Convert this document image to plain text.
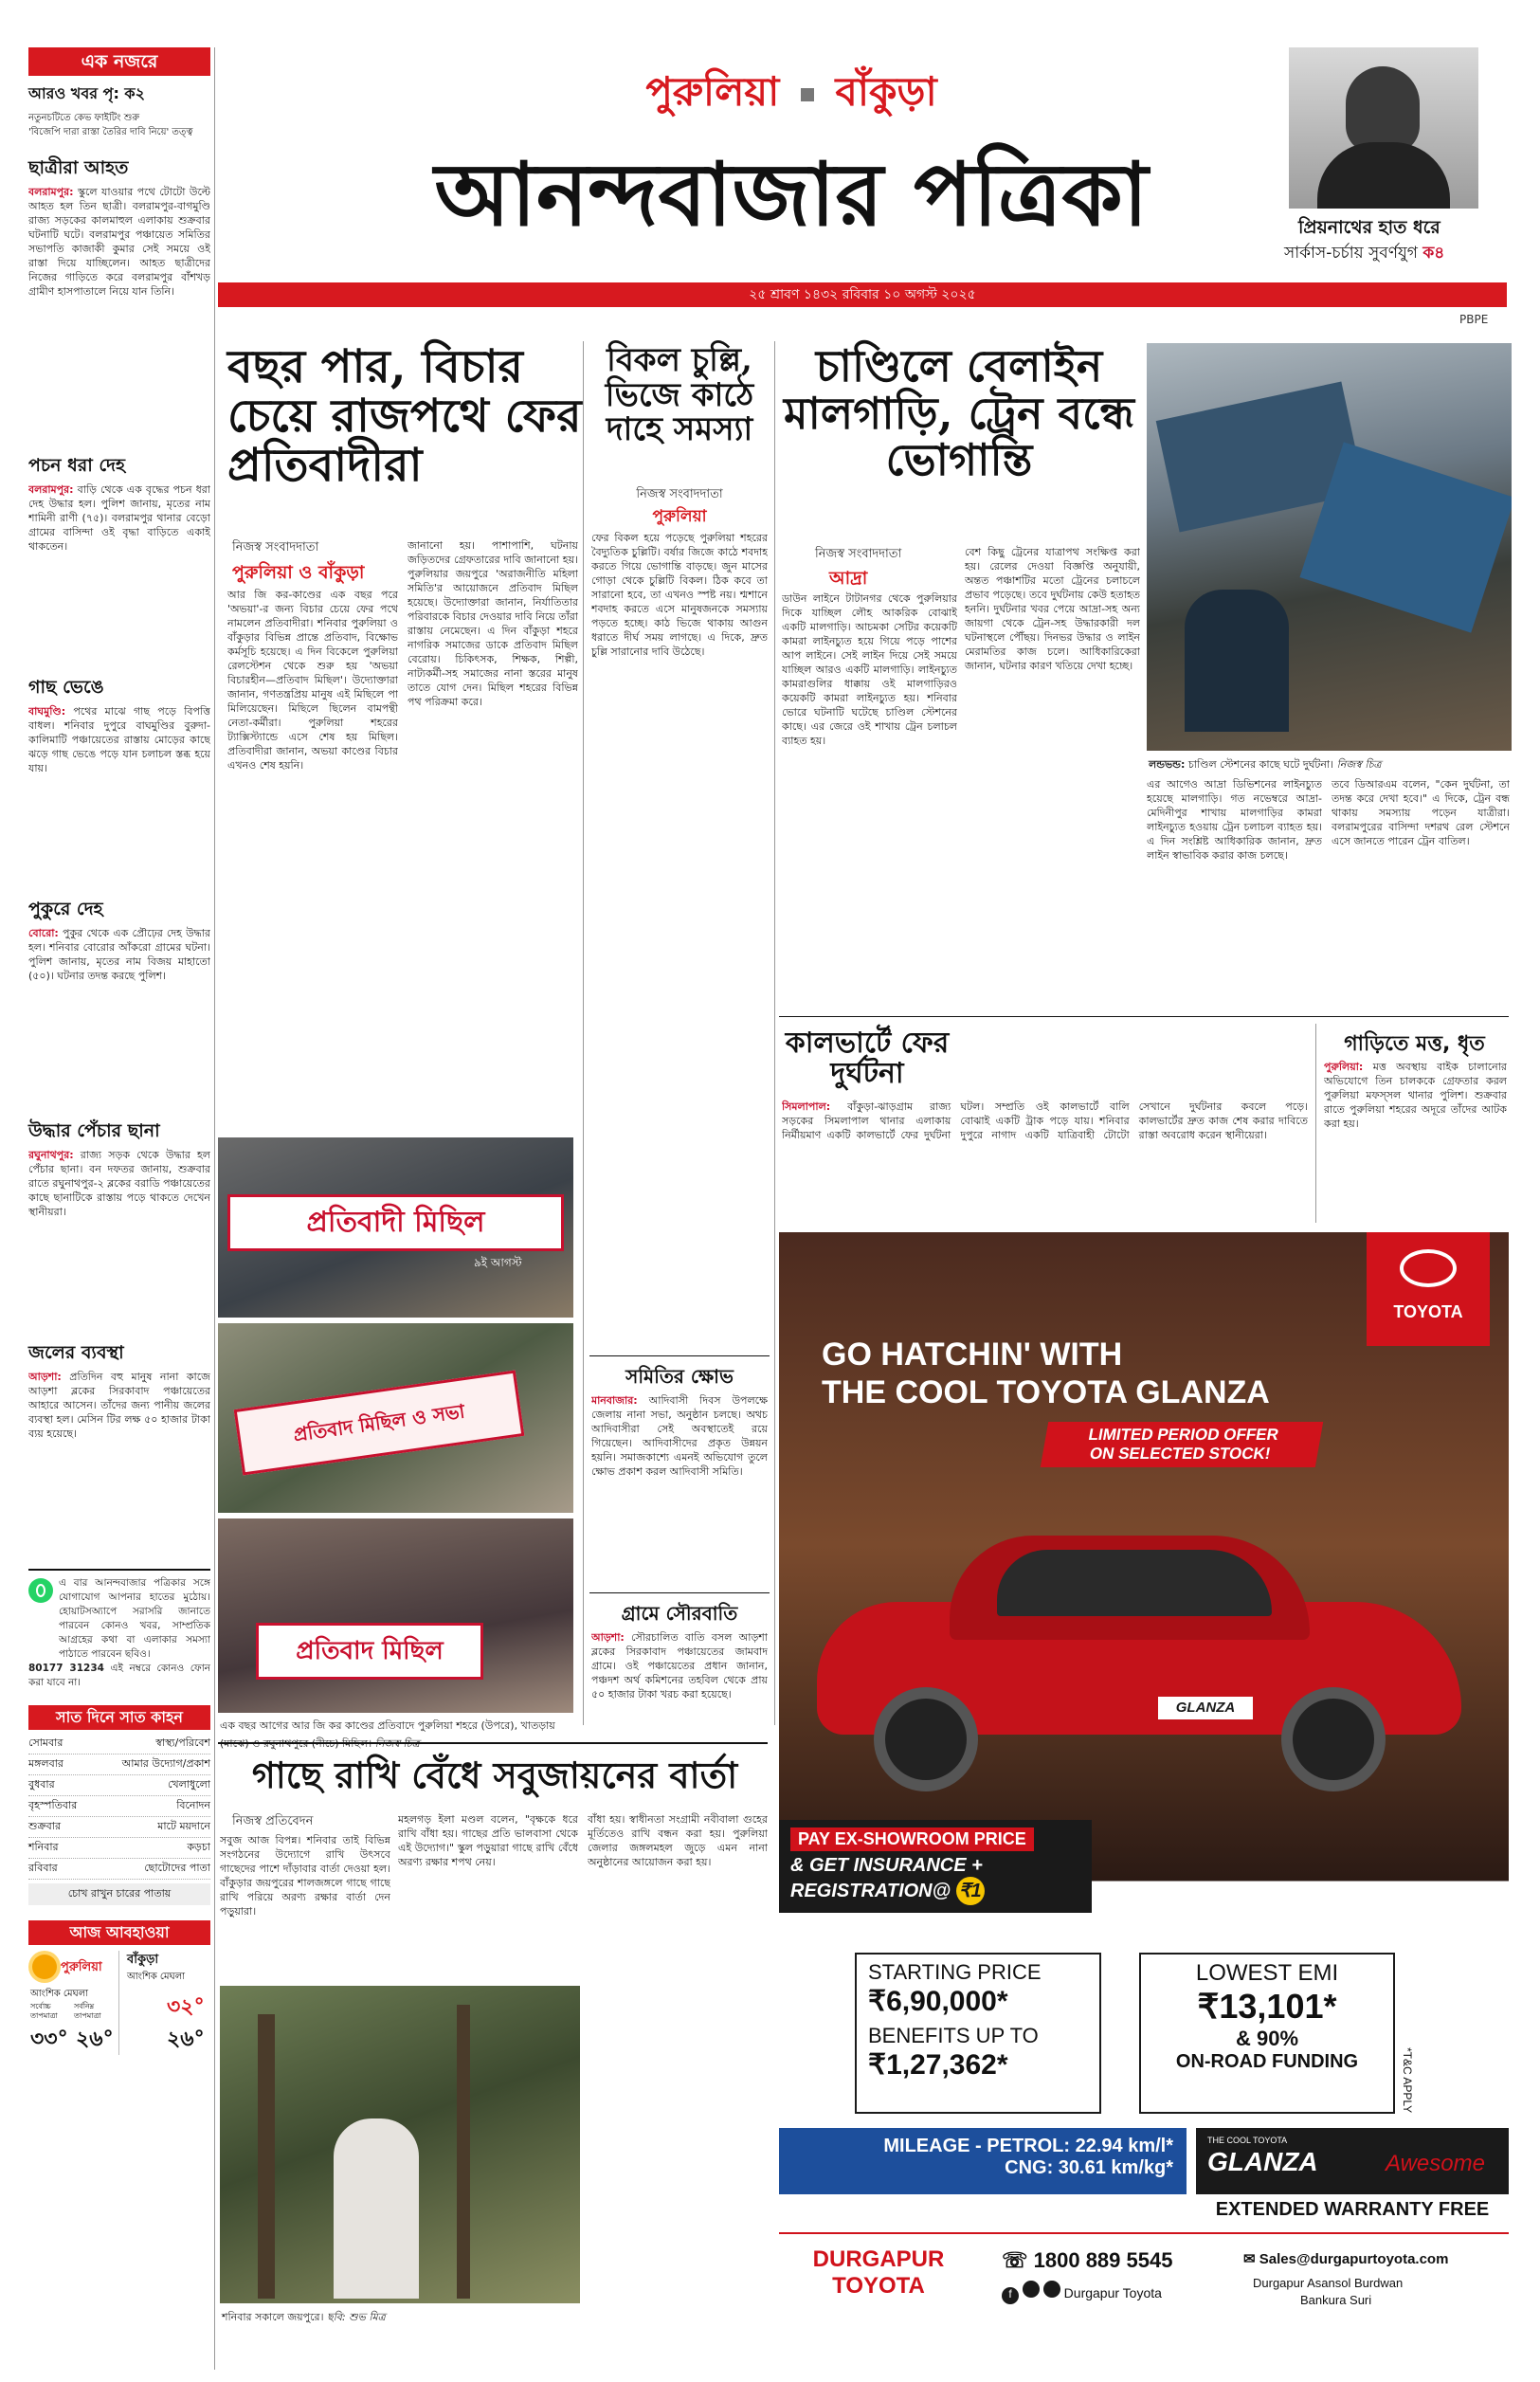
পুরুলিয়া বাঁকুড়া
আনন্দবাজার পত্রিকা	প্রিয়নাথের হাত ধরে
সার্কাস-চর্চায় সুবর্ণযুগ ক৪
২৫ শ্রাবণ ১৪৩২ রবিবার ১০ অগস্ট ২০২৫
PBPE
এক নজরে
আরও খবর পৃ: ক২
নতুনচটিতে কেভ ফাইটিং শুরু
'বিজেপি দারা রাস্তা তৈরির দাবি নিয়ে' তত্ত্ব
ছাত্রীরা আহত
বলরামপুর: স্কুলে যাওয়ার পথে টোটো উল্টে আহত হল তিন ছাত্রী। বলরামপুর-বাগমুণ্ডি রাজ্য সড়কের কালমাহুল এলাকায় শুক্রবার ঘটনাটি ঘটে। বলরামপুর পঞ্চায়েত সমিতির সভাপতি কাজাকী কুমার সেই সময়ে ওই রাস্তা দিয়ে যাচ্ছিলেন। আহত ছাত্রীদের নিজের গাড়িতে করে বলরামপুর বাঁশখড় গ্রামীণ হাসপাতালে নিয়ে যান তিনি।
পচন ধরা দেহ
বলরামপুর: বাড়ি থেকে এক বৃদ্ধের পচন ধরা দেহ উদ্ধার হল। পুলিশ জানায়, মৃতের নাম শামিনী রাণী (৭৫)। বলরামপুর থানার বেড়ো গ্রামের বাসিন্দা ওই বৃদ্ধা বাড়িতে একাই থাকতেন।
গাছ ভেঙে
বাঘমুণ্ডি: পথের মাঝে গাছ পড়ে বিপত্তি বাধল। শনিবার দুপুরে বাঘমুণ্ডির বুরুদা-কালিমাটি পঞ্চায়েতের রাস্তায় মোড়ের কাছে ঝড়ে গাছ ভেঙে পড়ে যান চলাচল স্তব্ধ হয়ে যায়।
পুকুরে দেহ
বোরো: পুকুর থেকে এক প্রৌঢ়ের দেহ উদ্ধার হল। শনিবার বোরোর আঁকরো গ্রামের ঘটনা। পুলিশ জানায়, মৃতের নাম বিজয় মাহাতো (৫০)। ঘটনার তদন্ত করছে পুলিশ।
উদ্ধার পেঁচার ছানা
রঘুনাথপুর: রাজ্য সড়ক থেকে উদ্ধার হল পেঁচার ছানা। বন দফতর জানায়, শুক্রবার রাতে রঘুনাথপুর-২ ব্লকের বরাডি পঞ্চায়েতের কাছে ছানাটিকে রাস্তায় পড়ে থাকতে দেখেন স্থানীয়রা।
জলের ব্যবস্থা
আড়শা: প্রতিদিন বহু মানুষ নানা কাজে আড়শা ব্লকের সিরকাবাদ পঞ্চায়েতের আহারে আসেন। তাঁদের জন্য পানীয় জলের ব্যবস্থা হল। মেসিন টির লক্ষ ৫০ হাজার টাকা ব্যয় হয়েছে।
এ বার আনন্দবাজার পত্রিকার সঙ্গে যোগাযোগ আপনার হাতের মুঠোয়। হোয়াটসঅ্যাপে সরাসরি জানাতে পারবেন কোনও খবর, সাম্প্রতিক আগ্রহের কথা বা এলাকার সমস্যা পাঠাতে পারবেন ছবিও।
80177 31234 এই নম্বরে কোনও ফোন করা যাবে না।
সাত দিনে সাত কাহন
সোমবার	স্বাস্থ্য/পরিবেশ
মঙ্গলবার	আমার উদ্যোগ/প্রকাশ
বুধবার	খেলাধুলো
বৃহস্পতিবার	বিনোদন
শুক্রবার	মাটে ময়দানে
শনিবার	কড়চা
রবিবার	ছোটোদের পাতা
চোখ রাখুন চারের পাতায়
আজ আবহাওয়া
পুরুলিয়া
আংশিক মেঘলা
সর্বোচ্চ তাপমাত্রা
সর্বনিম্ন তাপমাত্রা
৩৩° ২৬°
বাঁকুড়া
আংশিক মেঘলা
৩২°
২৬°
বছর পার, বিচার চেয়ে রাজপথে ফের প্রতিবাদীরা
নিজস্ব সংবাদদাতা
পুরুলিয়া ও বাঁকুড়া
আর জি কর-কাণ্ডের এক বছর পরে 'অভয়া'-র জন্য বিচার চেয়ে ফের পথে নামলেন প্রতিবাদীরা। শনিবার পুরুলিয়া ও বাঁকুড়ার বিভিন্ন প্রান্তে প্রতিবাদ, বিক্ষোভ কর্মসূচি হয়েছে। এ দিন বিকেলে পুরুলিয়া রেলস্টেশন থেকে শুরু হয় 'অভয়া বিচারহীন—প্রতিবাদ মিছিল'। উদ্যোক্তারা জানান, গণতন্ত্রপ্রিয় মানুষ এই মিছিলে পা মিলিয়েছেন। মিছিলে ছিলেন বামপন্থী নেতা-কর্মীরা। পুরুলিয়া শহরের ট্যাক্সিস্ট্যান্ডে এসে শেষ হয় মিছিল। প্রতিবাদীরা জানান, অভয়া কাণ্ডের বিচার এখনও শেষ হয়নি।
জানানো হয়। পাশাপাশি, ঘটনায় জড়িতদের গ্রেফতারের দাবি জানানো হয়। পুরুলিয়ার জয়পুরে 'অরাজনীতি মহিলা সমিতি'র আয়োজনে প্রতিবাদ মিছিল হয়েছে। উদ্যোক্তারা জানান, নির্যাতিতার পরিবারকে বিচার দেওয়ার দাবি নিয়ে তাঁরা রাস্তায় নেমেছেন। এ দিন বাঁকুড়া শহরে নাগরিক সমাজের ডাকে প্রতিবাদ মিছিল বেরোয়। চিকিৎসক, শিক্ষক, শিল্পী, নাট্যকর্মী-সহ সমাজের নানা স্তরের মানুষ তাতে যোগ দেন। মিছিল শহরের বিভিন্ন পথ পরিক্রমা করে।
প্রতিবাদী মিছিল
৯ই আগস্ট
প্রতিবাদ মিছিল ও সভা
প্রতিবাদ মিছিল
এক বছর আগের আর জি কর কাণ্ডের প্রতিবাদে পুরুলিয়া শহরে (উপরে), খাতড়ায়
বিকল চুল্লি, ভিজে কাঠে দাহে সমস্যা
নিজস্ব সংবাদদাতা
পুরুলিয়া
ফের বিকল হয়ে পড়েছে পুরুলিয়া শহরের বৈদ্যুতিক চুল্লিটি। বর্ষার জিজে কাঠে শবদাহ করতে গিয়ে ভোগান্তি বাড়ছে। জুন মাসের গোড়া থেকে চুল্লিটি বিকল। ঠিক কবে তা সারানো হবে, তা এখনও স্পষ্ট নয়। শ্মশানে শবদাহ করতে এসে মানুষজনকে সমস্যায় পড়তে হচ্ছে। কাঠ ভিজে থাকায় আগুন ধরাতে দীর্ঘ সময় লাগছে। এ দিকে, দ্রুত চুল্লি সারানোর দাবি উঠেছে।
সমিতির ক্ষোভ
মানবাজার: আদিবাসী দিবস উপলক্ষে জেলায় নানা সভা, অনুষ্ঠান চলছে। অথচ আদিবাসীরা সেই অবস্থাতেই রয়ে গিয়েছেন। আদিবাসীদের প্রকৃত উন্নয়ন হয়নি। সমাজকাশ্যে এমনই অভিযোগ তুলে ক্ষোভ প্রকাশ করল আদিবাসী সমিতি।
গ্রামে সৌরবাতি
আড়শা: সৌরচালিত বাতি বসল আড়শা ব্লকের সিরকাবাদ পঞ্চায়েতের জামবাদ গ্রামে। ওই পঞ্চায়েতের প্রধান জানান, পঞ্চদশ অর্থ কমিশনের তহবিল থেকে প্রায় ৫০ হাজার টাকা খরচ করা হয়েছে।
চাণ্ডিলে বেলাইন মালগাড়ি, ট্রেন বন্ধে ভোগান্তি
নিজস্ব সংবাদদাতা
আদ্রা
ডাউন লাইনে টাটানগর থেকে পুরুলিয়ার দিকে যাচ্ছিল লৌহ আকরিক বোঝাই একটি মালগাড়ি। আচমকা সেটির কয়েকটি কামরা লাইনচ্যুত হয়ে গিয়ে পড়ে পাশের আপ লাইনে। সেই লাইন দিয়ে সেই সময়ে যাচ্ছিল আরও একটি মালগাড়ি। লাইনচ্যুত কামরাগুলির ধাক্কায় ওই মালগাড়িরও কয়েকটি কামরা লাইনচ্যুত হয়। শনিবার ভোরে ঘটনাটি ঘটেছে চাণ্ডিল স্টেশনের কাছে। এর জেরে ওই শাখায় ট্রেন চলাচল ব্যাহত হয়।
বেশ কিছু ট্রেনের যাত্রাপথ সংক্ষিপ্ত করা হয়। রেলের দেওয়া বিজ্ঞপ্তি অনুযায়ী, অন্তত পঞ্চাশটির মতো ট্রেনের চলাচলে প্রভাব পড়েছে। তবে দুর্ঘটনায় কেউ হতাহত হননি। দুর্ঘটনার খবর পেয়ে আদ্রা-সহ অন্য জায়গা থেকে ট্রেন-সহ উদ্ধারকারী দল ঘটনাস্থলে পৌঁছয়। দিনভর উদ্ধার ও লাইন মেরামতির কাজ চলে। আধিকারিকেরা জানান, ঘটনার কারণ খতিয়ে দেখা হচ্ছে।
লন্ডভন্ড: চাণ্ডিল স্টেশনের কাছে ঘটে দুর্ঘটনা। নিজস্ব চিত্র
এর আগেও আদ্রা ডিভিশনের লাইনচ্যুত হয়েছে মালগাড়ি। গত নভেম্বরে আদ্রা-মেদিনীপুর শাখায় মালগাড়ির কামরা লাইনচ্যুত হওয়ায় ট্রেন চলাচল ব্যাহত হয়। এ দিন সংশ্লিষ্ট আধিকারিক জানান, দ্রুত লাইন স্বাভাবিক করার কাজ চলছে।
তবে ডিআরএম বলেন, "কেন দুর্ঘটনা, তা তদন্ত করে দেখা হবে।" এ দিকে, ট্রেন বন্ধ থাকায় সমস্যায় পড়েন যাত্রীরা। বলরামপুরের বাসিন্দা দশরথ রেল স্টেশনে এসে জানতে পারেন ট্রেন বাতিল।
কালভার্টে ফের দুর্ঘটনা
সিমলাপাল: বাঁকুড়া-ঝাড়গ্রাম রাজ্য সড়কের সিমলাপাল থানার এলাকায় নির্মীয়মাণ একটি কালভার্টে ফের দুর্ঘটনা ঘটল। সম্প্রতি ওই কালভার্টে বালি বোঝাই একটি ট্রাক পড়ে যায়। শনিবার দুপুরে নাগাদ একটি যাত্রিবাহী টোটো সেখানে দুর্ঘটনার কবলে পড়ে। কালভার্টের দ্রুত কাজ শেষ করার দাবিতে রাস্তা অবরোধ করেন স্থানীয়েরা।
গাড়িতে মত্ত, ধৃত
পুরুলিয়া: মত্ত অবস্থায় বাইক চালানোর অভিযোগে তিন চালককে গ্রেফতার করল পুরুলিয়া মফস্সল থানার পুলিশ। শুক্রবার রাতে পুরুলিয়া শহরের অদূরে তাঁদের আটক করা হয়।
গাছে রাখি বেঁধে সবুজায়নের বার্তা
নিজস্ব প্রতিবেদন
সবুজ আজ বিপন্ন। শনিবার তাই বিভিন্ন সংগঠনের উদ্যোগে রাখি উৎসবে গাছেদের পাশে দাঁড়াবার বার্তা দেওয়া হল। বাঁকুড়ার জয়পুরের শালজঙ্গলে গাছে গাছে রাখি পরিয়ে অরণ্য রক্ষার বার্তা দেন পড়ুয়ারা।
মহলগড় ইলা মণ্ডল বলেন, "বৃক্ষকে ধরে রাখি বাঁধা হয়। গাছের প্রতি ভালবাসা থেকে এই উদ্যোগ।" স্কুল পড়ুয়ারা গাছে রাখি বেঁধে অরণ্য রক্ষার শপথ নেয়।
বাঁধা হয়। স্বাধীনতা সংগ্রামী নবীবালা গুহের মূর্তিতেও রাখি বন্ধন করা হয়। পুরুলিয়া জেলার জঙ্গলমহল জুড়ে এমন নানা অনুষ্ঠানের আয়োজন করা হয়।
শনিবার সকালে জয়পুরে। ছবি: শুভ মিত্র
TOYOTA
GO HATCHIN' WITH
THE COOL TOYOTA GLANZA
LIMITED PERIOD OFFER
ON SELECTED STOCK!
GLANZA
PAY EX-SHOWROOM PRICE
& GET INSURANCE +
REGISTRATION@ ₹1
STARTING PRICE
₹6,90,000*
BENEFITS UP TO
₹1,27,362*
LOWEST EMI
₹13,101*
& 90%
ON-ROAD FUNDING	*T&C APPLY
MILEAGE - PETROL: 22.94 km/l*
CNG: 30.61 km/kg*
THE COOL TOYOTA
GLANZA	Awesome
EXTENDED WARRANTY FREE
DURGAPUR
TOYOTA
☏ 1800 889 5545
f	Durgapur Toyota
✉ Sales@durgapurtoyota.com
Durgapur Asansol Burdwan
Bankura Suri
